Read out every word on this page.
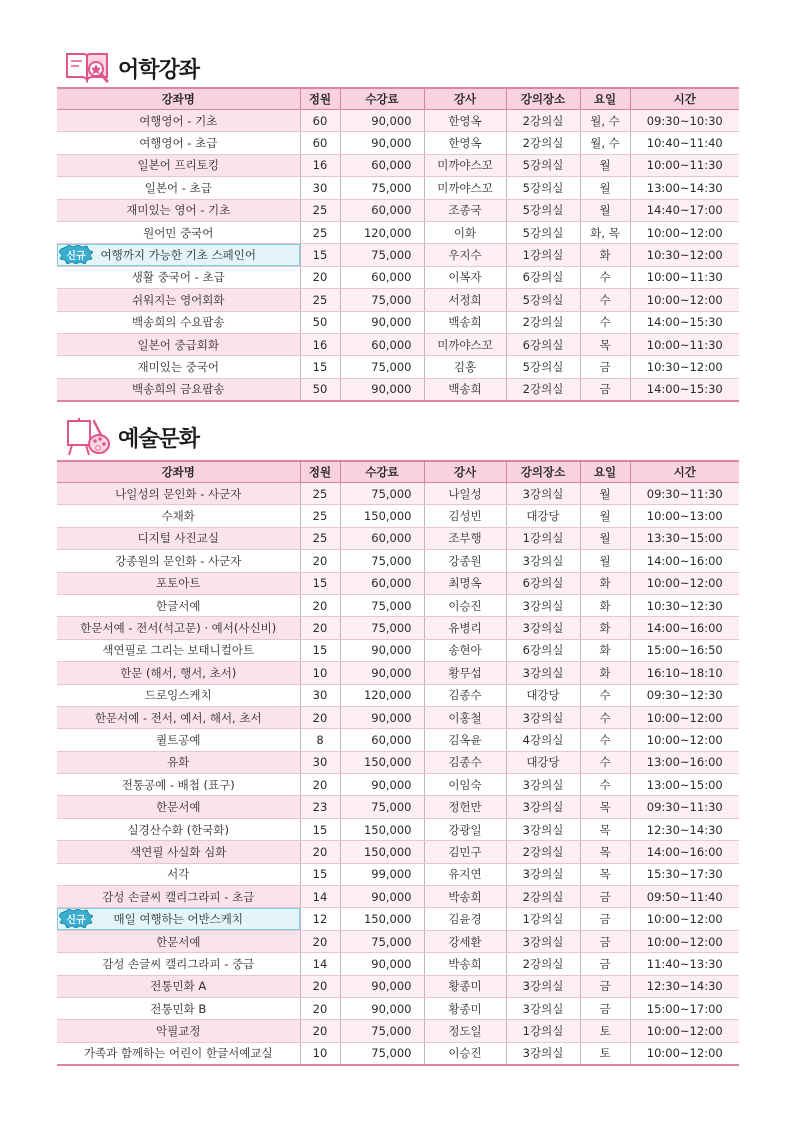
어학강좌
강좌명	정원	수강료	강사	강의장소	요일	시간
여행영어 - 기초	60	90,000	한영옥	2강의실	월, 수	09:30~10:30
여행영어 - 초급	60	90,000	한영옥	2강의실	월, 수	10:40~11:40
일본어 프리토킹	16	60,000	미까야스꼬	5강의실	월	10:00~11:30
일본어 - 초급	30	75,000	미까야스꼬	5강의실	월	13:00~14:30
재미있는 영어 - 기초	25	60,000	조종국	5강의실	월	14:40~17:00
원어민 중국어	25	120,000	이화	5강의실	화, 목	10:00~12:00

신규 여행까지 가능한 기초 스페인어	15	75,000	우지수	1강의실	화	10:30~12:00
생활 중국어 - 초급	20	60,000	이복자	6강의실	수	10:00~11:30
쉬워지는 영어회화	25	75,000	서정희	5강의실	수	10:00~12:00
백송희의 수요팝송	50	90,000	백송희	2강의실	수	14:00~15:30
일본어 중급회화	16	60,000	미까야스꼬	6강의실	목	10:00~11:30
재미있는 중국어	15	75,000	김홍	5강의실	금	10:30~12:00
백송희의 금요팝송	50	90,000	백송희	2강의실	금	14:00~15:30
예술문화
강좌명	정원	수강료	강사	강의장소	요일	시간
나일성의 문인화 - 사군자	25	75,000	나일성	3강의실	월	09:30~11:30
수채화	25	150,000	김성빈	대강당	월	10:00~13:00
디지털 사진교실	25	60,000	조부행	1강의실	월	13:30~15:00
강종원의 문인화 - 사군자	20	75,000	강종원	3강의실	월	14:00~16:00
포토아트	15	60,000	최명옥	6강의실	화	10:00~12:00
한글서예	20	75,000	이승진	3강의실	화	10:30~12:30
한문서예 - 전서(석고문) · 예서(사신비)	20	75,000	유병리	3강의실	화	14:00~16:00
색연필로 그리는 보태니컬아트	15	90,000	송현아	6강의실	화	15:00~16:50
한문 (해서, 행서, 초서)	10	90,000	황무섭	3강의실	화	16:10~18:10
드로잉스케치	30	120,000	김종수	대강당	수	09:30~12:30
한문서예 - 전서, 예서, 해서, 초서	20	90,000	이홍철	3강의실	수	10:00~12:00
퀼트공예	8	60,000	김옥윤	4강의실	수	10:00~12:00
유화	30	150,000	김종수	대강당	수	13:00~16:00
전통공예 - 배첩 (표구)	20	90,000	이임숙	3강의실	수	13:00~15:00
한문서예	23	75,000	정헌만	3강의실	목	09:30~11:30
실경산수화 (한국화)	15	150,000	강광일	3강의실	목	12:30~14:30
색연필 사실화 심화	20	150,000	김민구	2강의실	목	14:00~16:00
서각	15	99,000	유지연	3강의실	목	15:30~17:30
감성 손글씨 캘리그라피 - 초급	14	90,000	박송희	2강의실	금	09:50~11:40

신규 매일 여행하는 어반스케치	12	150,000	김윤경	1강의실	금	10:00~12:00
한문서예	20	75,000	강세환	3강의실	금	10:00~12:00
감성 손글씨 캘리그라피 - 중급	14	90,000	박송희	2강의실	금	11:40~13:30
전통민화 A	20	90,000	황종미	3강의실	금	12:30~14:30
전통민화 B	20	90,000	황종미	3강의실	금	15:00~17:00
악필교정	20	75,000	정도일	1강의실	토	10:00~12:00
가족과 함께하는 어린이 한글서예교실	10	75,000	이승진	3강의실	토	10:00~12:00
